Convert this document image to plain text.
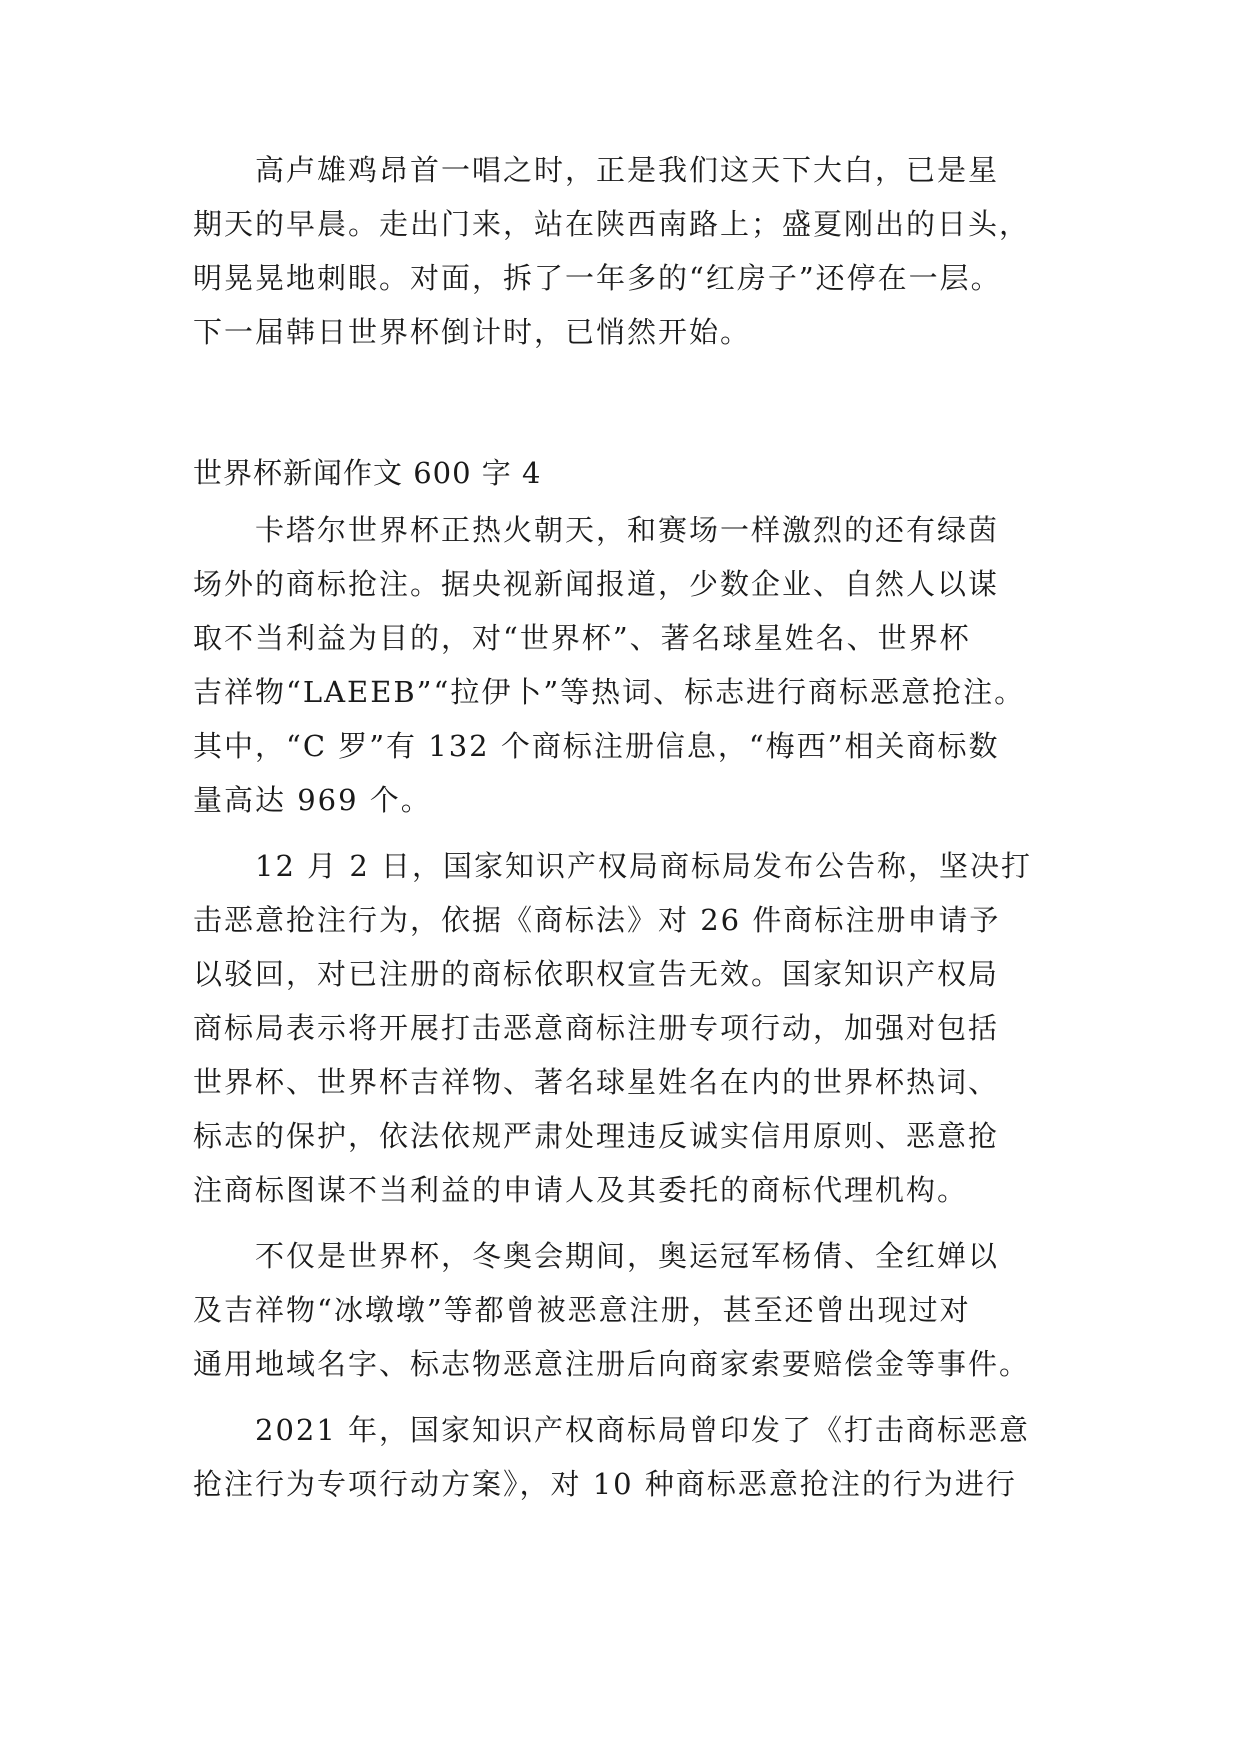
高卢雄鸡昂首一唱之时，正是我们这天下大白，已是星
期天的早晨。走出门来，站在陕西南路上；盛夏刚出的日头，
明晃晃地刺眼。对面，拆了一年多的“红房子”还停在一层。
下一届韩日世界杯倒计时，已悄然开始。
世界杯新闻作文 600 字 4
卡塔尔世界杯正热火朝天，和赛场一样激烈的还有绿茵
场外的商标抢注。据央视新闻报道，少数企业、自然人以谋
取不当利益为目的，对“世界杯”、著名球星姓名、世界杯
吉祥物“LAEEB”“拉伊卜”等热词、标志进行商标恶意抢注。
其中，“C 罗”有 132 个商标注册信息，“梅西”相关商标数
量高达 969 个。
12 月 2 日，国家知识产权局商标局发布公告称，坚决打
击恶意抢注行为，依据《商标法》对 26 件商标注册申请予
以驳回，对已注册的商标依职权宣告无效。国家知识产权局
商标局表示将开展打击恶意商标注册专项行动，加强对包括
世界杯、世界杯吉祥物、著名球星姓名在内的世界杯热词、
标志的保护，依法依规严肃处理违反诚实信用原则、恶意抢
注商标图谋不当利益的申请人及其委托的商标代理机构。
不仅是世界杯，冬奥会期间，奥运冠军杨倩、全红婵以
及吉祥物“冰墩墩”等都曾被恶意注册，甚至还曾出现过对
通用地域名字、标志物恶意注册后向商家索要赔偿金等事件。
2021 年，国家知识产权商标局曾印发了《打击商标恶意
抢注行为专项行动方案》，对 10 种商标恶意抢注的行为进行
